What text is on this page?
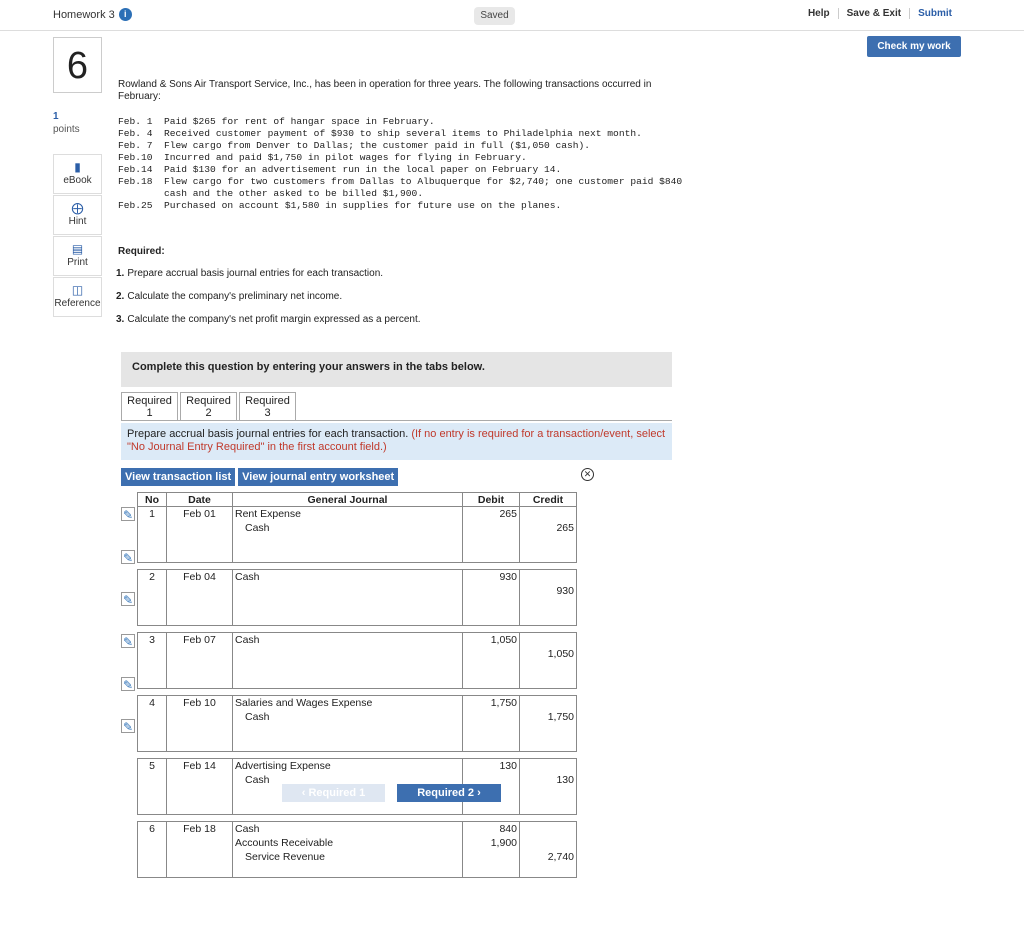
Homework 3	i	Saved	Help	Save & Exit	Submit
Check my work
6
1
points
▮
eBook
⨁
Hint
▤
Print
◫
Reference
Rowland & Sons Air Transport Service, Inc., has been in operation for three years. The following transactions occurred in February:
Feb. 1	Paid $265 for rent of hangar space in February.
Feb. 4	Received customer payment of $930 to ship several items to Philadelphia next month.
Feb. 7	Flew cargo from Denver to Dallas; the customer paid in full ($1,050 cash).
Feb.10	Incurred and paid $1,750 in pilot wages for flying in February.
Feb.14	Paid $130 for an advertisement run in the local paper on February 14.
Feb.18	Flew cargo for two customers from Dallas to Albuquerque for $2,740; one customer paid $840 cash and the other asked to be billed $1,900.
Feb.25	Purchased on account $1,580 in supplies for future use on the planes.
Required:
1. Prepare accrual basis journal entries for each transaction.
2. Calculate the company's preliminary net income.
3. Calculate the company's net profit margin expressed as a percent.
Complete this question by entering your answers in the tabs below.
Required
1
Required
2
Required
3
Prepare accrual basis journal entries for each transaction. (If no entry is required for a transaction/event, select "No Journal Entry Required" in the first account field.)
View transaction list	View journal entry worksheet	✕
✎
✎
✎
✎
✎
✎
No	Date	General Journal	Debit	Credit
1	Feb 01	Rent Expense	265	
		Cash		265

2	Feb 04	Cash	930	
				930

3	Feb 07	Cash	1,050	
				1,050

4	Feb 10	Salaries and Wages Expense	1,750	
		Cash		1,750

5	Feb 14	Advertising Expense	130	
		Cash		130

6	Feb 18	Cash	840	
		Accounts Receivable	1,900	
		Service Revenue		2,740

‹ Required 1	Required 2 ›
